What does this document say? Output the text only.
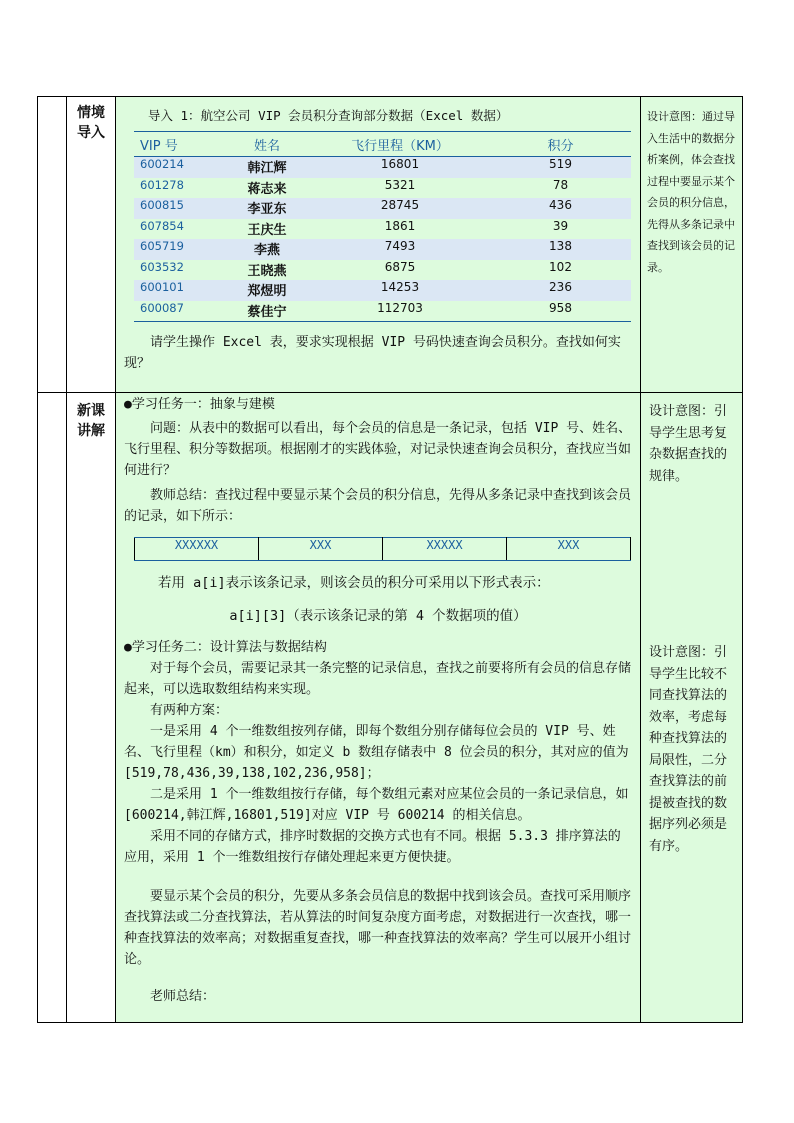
情境
导入

导入 1：航空公司 VIP 会员积分查询部分数据（Excel 数据）
VIP 号	姓名	飞行里程（KM）	积分
600214	韩江辉	16801	519
601278	蒋志来	5321	78
600815	李亚东	28745	436
607854	王庆生	1861	39
605719	李燕	7493	138
603532	王晓燕	6875	102
600101	郑煜明	14253	236
600087	蔡佳宁	112703	958

请学生操作 Excel 表，要求实现根据 VIP 号码快速查询会员积分。查找如何实现？

设计意图：通过导入生活中的数据分析案例，体会查找过程中要显示某个会员的积分信息，先得从多条记录中查找到该会员的记录。

新课
讲解

●学习任务一：抽象与建模

问题：从表中的数据可以看出，每个会员的信息是一条记录，包括 VIP 号、姓名、飞行里程、积分等数据项。根据刚才的实践体验，对记录快速查询会员积分，查找应当如何进行？

教师总结：查找过程中要显示某个会员的积分信息，先得从多条记录中查找到该会员的记录，如下所示：

XXXXXX	XXX	XXXXX	XXX

若用 a[i]表示该条记录，则该会员的积分可采用以下形式表示：

a[i][3]（表示该条记录的第 4 个数据项的值）

●学习任务二：设计算法与数据结构

对于每个会员，需要记录其一条完整的记录信息，查找之前要将所有会员的信息存储起来，可以选取数组结构来实现。

有两种方案：

一是采用 4 个一维数组按列存储，即每个数组分别存储每位会员的 VIP 号、姓名、飞行里程（km）和积分，如定义 b 数组存储表中 8 位会员的积分，其对应的值为[519,78,436,39,138,102,236,958]；

二是采用 1 个一维数组按行存储，每个数组元素对应某位会员的一条记录信息，如[600214,韩江辉,16801,519]对应 VIP 号 600214 的相关信息。

采用不同的存储方式，排序时数据的交换方式也有不同。根据 5.3.3 排序算法的应用，采用 1 个一维数组按行存储处理起来更方便快捷。

要显示某个会员的积分，先要从多条会员信息的数据中找到该会员。查找可采用顺序查找算法或二分查找算法，若从算法的时间复杂度方面考虑，对数据进行一次查找，哪一种查找算法的效率高；对数据重复查找，哪一种查找算法的效率高？学生可以展开小组讨论。

老师总结：

设计意图：引导学生思考复杂数据查找的规律。
设计意图：引导学生比较不同查找算法的效率，考虑每种查找算法的局限性，二分查找算法的前提被查找的数据序列必须是有序。
